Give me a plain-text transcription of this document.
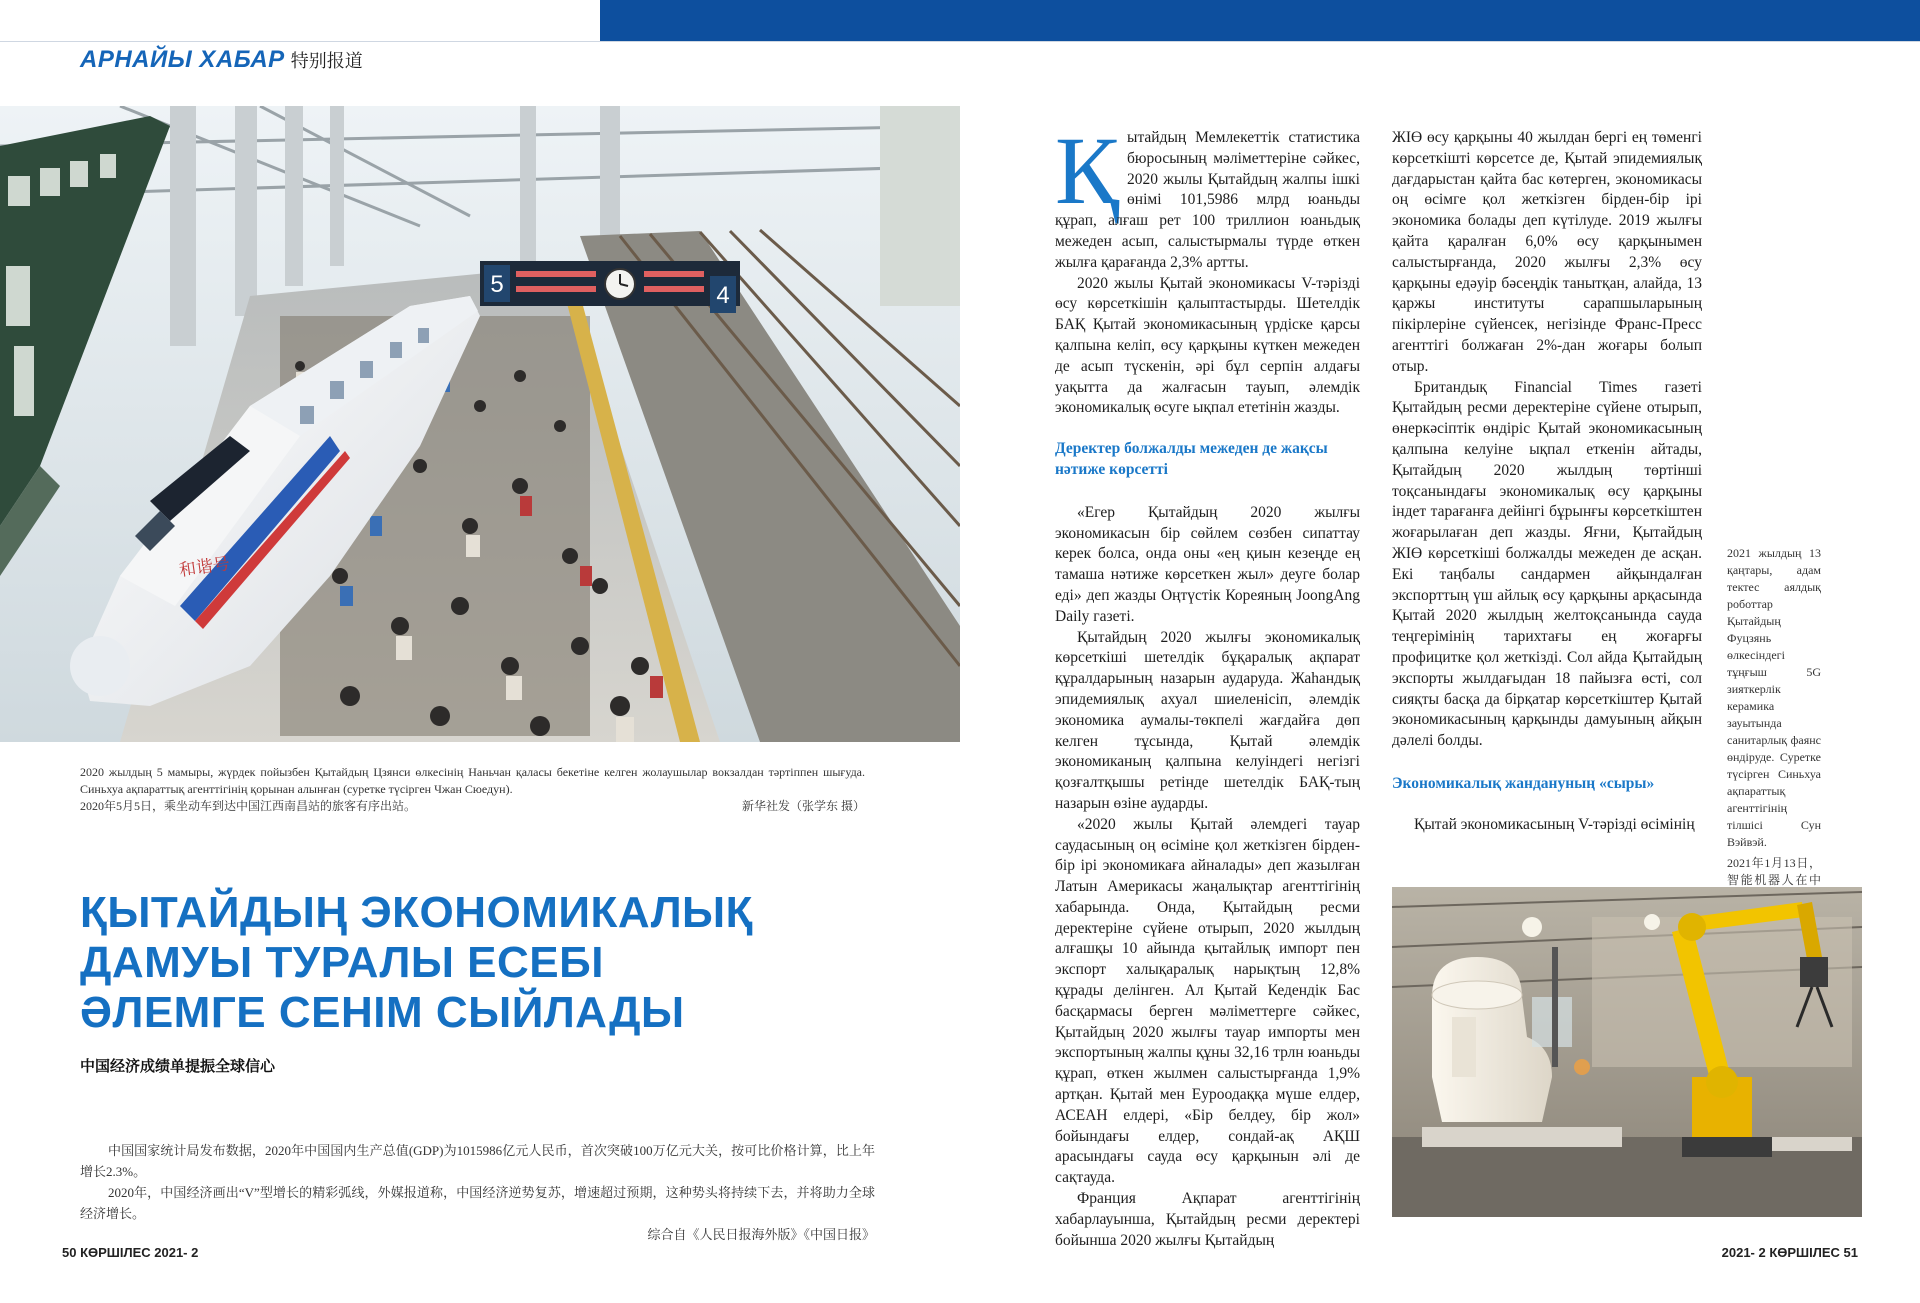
АРНАЙЫ ХАБАР 特别报道
5	4
和谐号
2020 жылдың 5 мамыры, жүрдек пойызбен Қытайдың Цзянси өлкесінің Наньчан қаласы бекетіне келген жолаушылар вокзалдан тәртіппен шығуда. Синьхуа ақпараттық агенттігінің қорынан алынған (суретке түсірген Чжан Сюедун).
2020年5月5日，乘坐动车到达中国江西南昌站的旅客有序出站。	新华社发（张学东 摄）
ҚЫТАЙДЫҢ ЭКОНОМИКАЛЫҚ ДАМУЫ ТУРАЛЫ ЕСЕБІ ӘЛЕМГЕ СЕНІМ СЫЙЛАДЫ
中国经济成绩单提振全球信心

中国国家统计局发布数据，2020年中国国内生产总值(GDP)为1015986亿元人民币，首次突破100万亿元大关，按可比价格计算，比上年增长2.3%。

2020年，中国经济画出“V”型增长的精彩弧线，外媒报道称，中国经济逆势复苏，增速超过预期，这种势头将持续下去，并将助力全球经济增长。

综合自《人民日报海外版》《中国日报》

50 КӨРШІЛЕС 2021- 2	2021- 2 КӨРШІЛЕС 51

Қытайдың Мемлекеттік статистика бюросының мәліметтеріне сәйкес, 2020 жылы Қытайдың жалпы ішкі өнімі 101,5986 млрд юаньды құрап, алғаш рет 100 триллион юаньдық межеден асып, салыстырмалы түрде өткен жылға қарағанда 2,3% артты.

2020 жылы Қытай экономикасы V-тәрізді өсу көрсеткішін қалыптастырды. Шетелдік БАҚ Қытай экономикасының үрдіске қарсы қалпына келіп, өсу қарқыны күткен межеден де асып түскенін, әрі бұл серпін алдағы уақытта да жалғасын тауып, әлемдік экономикалық өсуге ықпал ететінін жазды.

Деректер болжалды межеден де жақсы нәтиже көрсетті

«Егер Қытайдың 2020 жылғы экономикасын бір сөйлем сөзбен сипаттау керек болса, онда оны «ең қиын кезеңде ең тамаша нәтиже көрсеткен жыл» деуге болар еді» деп жазды Оңтүстік Кореяның JoongAng Daily газеті.

Қытайдың 2020 жылғы экономикалық көрсеткіші шетелдік бұқаралық ақпарат құралдарының назарын аударуда. Жаһандық эпидемиялық ахуал шиеленісіп, әлемдік экономика аумалы-төкпелі жағдайға дөп келген тұсында, Қытай әлемдік экономиканың қалпына келуіндегі негізгі қозғалтқышы ретінде шетелдік БАҚ-тың назарын өзіне аударды.

«2020 жылы Қытай әлемдегі тауар саудасының оң өсіміне қол жеткізген бірден-бір ірі экономикаға айналады» деп жазылған Латын Америкасы жаңалықтар агенттігінің хабарында. Онда, Қытайдың ресми деректеріне сүйене отырып, 2020 жылдың алғашқы 10 айында қытайлық импорт пен экспорт халықаралық нарықтың 12,8% құрады делінген. Ал Қытай Кедендік Бас басқармасы берген мәліметтерге сәйкес, Қытайдың 2020 жылғы тауар импорты мен экспортының жалпы құны 32,16 трлн юаньды құрап, өткен жылмен салыстырғанда 1,9% артқан. Қытай мен Еуроодаққа мүше елдер, АСЕАН елдері, «Бір белдеу, бір жол» бойындағы елдер, сондай-ақ АҚШ арасындағы сауда өсу қарқынын әлі де сақтауда.

Франция Ақпарат агенттігінің хабарлауынша, Қытайдың ресми деректері бойынша 2020 жылғы Қытайдың

ЖІӨ өсу қарқыны 40 жылдан бергі ең төменгі көрсеткішті көрсетсе де, Қытай эпидемиялық дағдарыстан қайта бас көтерген, экономикасы оң өсімге қол жеткізген бірден-бір ірі экономика болады деп күтілуде. 2019 жылғы қайта қаралған 6,0% өсу қарқынымен салыстырғанда, 2020 жылғы 2,3% өсу қарқыны едәуір бәсеңдік танытқан, алайда, 13 қаржы институты сарапшыларының пікірлеріне сүйенсек, негізінде Франс-Пресс агенттігі болжаған 2%-дан жоғары болып отыр.

Британдық Financial Times газеті Қытайдың ресми деректеріне сүйене отырып, өнеркәсіптік өндіріс Қытай экономикасының қалпына келуіне ықпал еткенін айтады, Қытайдың 2020 жылдың төртінші тоқсанындағы экономикалық өсу қарқыны індет тарағанға дейінгі бұрынғы көрсеткіштен жоғарылаған деп жазды. Яғни, Қытайдың ЖІӨ көрсеткіші болжалды межеден де асқан. Екі таңбалы сандармен айқындалған экспорттың үш айлық өсу қарқыны арқасында Қытай 2020 жылдың желтоқсанында сауда теңгерімінің тарихтағы ең жоғарғы профицитке қол жеткізді. Сол айда Қытайдың экспорты жылдағыдан 18 пайызға өсті, сол сияқты басқа да бірқатар көрсеткіштер Қытай экономикасының қарқынды дамуының айқын дәлелі болды.

Экономикалық жандануның «сыры»

Қытай экономикасының V-тәрізді өсімінің

2021 жылдың 13 қаңтары, адам тектес аялдық роботтар Қытайдың Фуцзянь өлкесіндегі тұңғыш 5G зияткерлік керамика зауытында санитарлық фаянс өндіруде. Суретке түсірген Синьхуа ақпараттық агенттігінің тілшісі Сун Вэйвэй.

2021年1月13日，智能机器人在中
